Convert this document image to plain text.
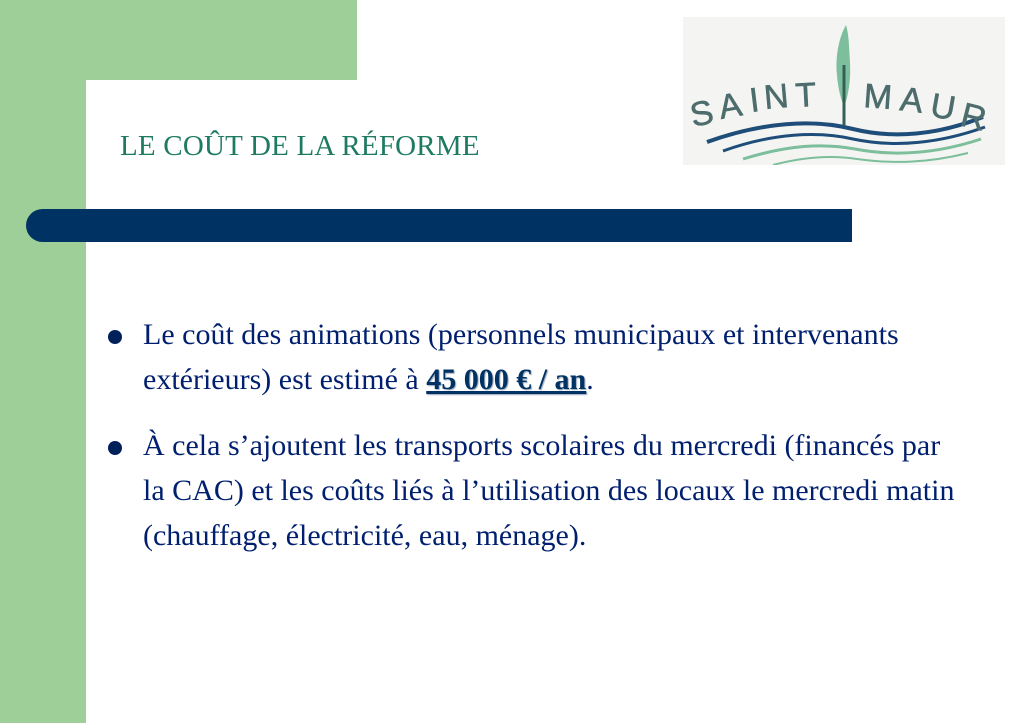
LE COÛT DE LA RÉFORME
S
A I N T M A U
R
Le coût des animations (personnels municipaux et intervenants extérieurs) est estimé à 45 000 € / an.
À cela s’ajoutent les transports scolaires du mercredi (financés par la CAC) et les coûts liés à l’utilisation des locaux le mercredi matin (chauffage, électricité, eau, ménage).
